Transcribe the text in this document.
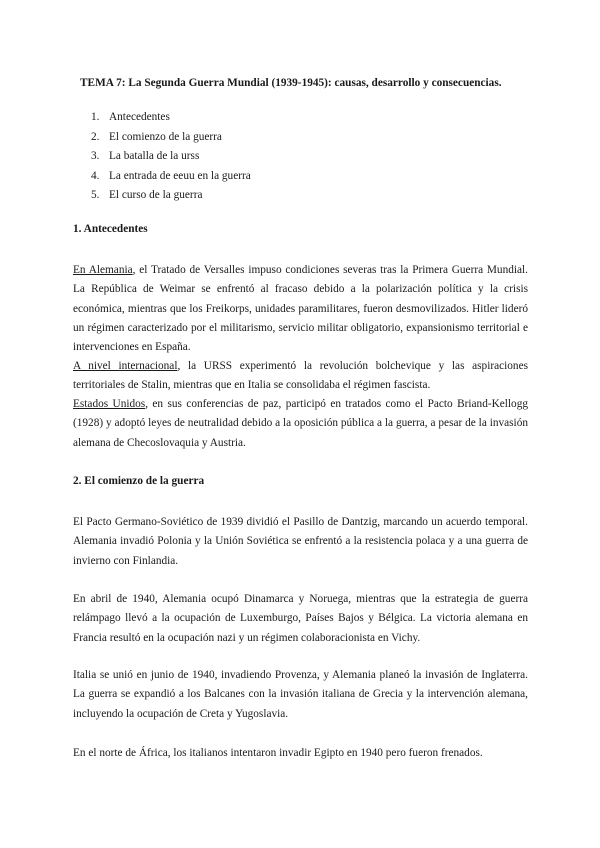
TEMA 7: La Segunda Guerra Mundial (1939-1945): causas, desarrollo y consecuencias.
1. Antecedentes
2. El comienzo de la guerra
3. La batalla de la urss
4. La entrada de eeuu en la guerra
5. El curso de la guerra
1. Antecedentes

En Alemania, el Tratado de Versalles impuso condiciones severas tras la Primera Guerra Mundial. La República de Weimar se enfrentó al fracaso debido a la polarización política y la crisis económica, mientras que los Freikorps, unidades paramilitares, fueron desmovilizados. Hitler lideró un régimen caracterizado por el militarismo, servicio militar obligatorio, expansionismo territorial e intervenciones en España.

A nivel internacional, la URSS experimentó la revolución bolchevique y las aspiraciones territoriales de Stalin, mientras que en Italia se consolidaba el régimen fascista.

Estados Unidos, en sus conferencias de paz, participó en tratados como el Pacto Briand-Kellogg (1928) y adoptó leyes de neutralidad debido a la oposición pública a la guerra, a pesar de la invasión alemana de Checoslovaquia y Austria.

2. El comienzo de la guerra

El Pacto Germano-Soviético de 1939 dividió el Pasillo de Dantzig, marcando un acuerdo temporal. Alemania invadió Polonia y la Unión Soviética se enfrentó a la resistencia polaca y a una guerra de invierno con Finlandia.

En abril de 1940, Alemania ocupó Dinamarca y Noruega, mientras que la estrategia de guerra relámpago llevó a la ocupación de Luxemburgo, Países Bajos y Bélgica. La victoria alemana en Francia resultó en la ocupación nazi y un régimen colaboracionista en Vichy.

Italia se unió en junio de 1940, invadiendo Provenza, y Alemania planeó la invasión de Inglaterra. La guerra se expandió a los Balcanes con la invasión italiana de Grecia y la intervención alemana, incluyendo la ocupación de Creta y Yugoslavia.

En el norte de África, los italianos intentaron invadir Egipto en 1940 pero fueron frenados.
